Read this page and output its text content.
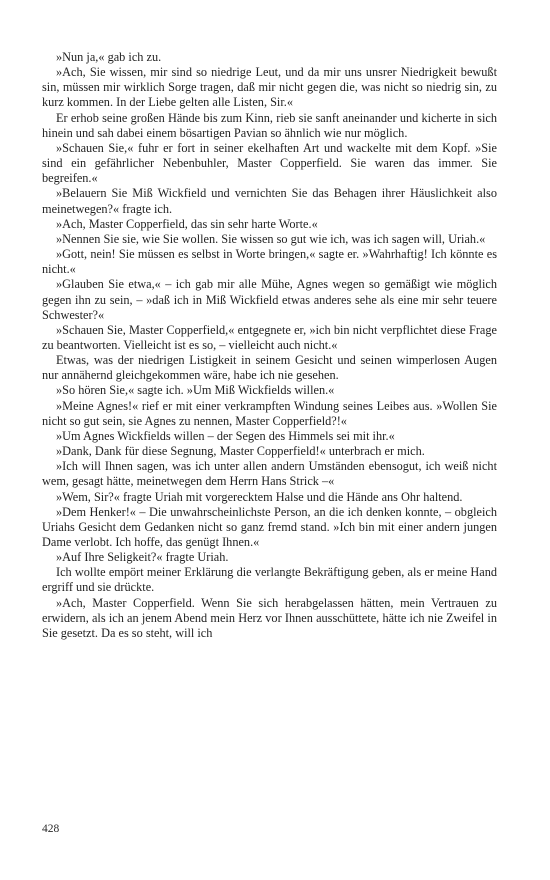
»Nun ja,« gab ich zu.

»Ach, Sie wissen, mir sind so niedrige Leut, und da mir uns unsrer Niedrigkeit bewußt sin, müssen mir wirklich Sorge tragen, daß mir nicht gegen die, was nicht so niedrig sin, zu kurz kommen. In der Liebe gelten alle Listen, Sir.«

Er erhob seine großen Hände bis zum Kinn, rieb sie sanft aneinander und kicherte in sich hinein und sah dabei einem bösartigen Pavian so ähnlich wie nur möglich.

»Schauen Sie,« fuhr er fort in seiner ekelhaften Art und wackelte mit dem Kopf. »Sie sind ein gefährlicher Nebenbuhler, Master Copperfield. Sie waren das immer. Sie begreifen.«

»Belauern Sie Miß Wickfield und vernichten Sie das Behagen ihrer Häuslichkeit also meinetwegen?« fragte ich.

»Ach, Master Copperfield, das sin sehr harte Worte.«

»Nennen Sie sie, wie Sie wollen. Sie wissen so gut wie ich, was ich sagen will, Uriah.«

»Gott, nein! Sie müssen es selbst in Worte bringen,« sagte er. »Wahrhaftig! Ich könnte es nicht.«

»Glauben Sie etwa,« – ich gab mir alle Mühe, Agnes wegen so gemäßigt wie möglich gegen ihn zu sein, – »daß ich in Miß Wickfield etwas anderes sehe als eine mir sehr teuere Schwester?«

»Schauen Sie, Master Copperfield,« entgegnete er, »ich bin nicht verpflichtet diese Frage zu beantworten. Vielleicht ist es so, – vielleicht auch nicht.«

Etwas, was der niedrigen Listigkeit in seinem Gesicht und seinen wimperlosen Augen nur annähernd gleichgekommen wäre, habe ich nie gesehen.

»So hören Sie,« sagte ich. »Um Miß Wickfields willen.«

»Meine Agnes!« rief er mit einer verkrampften Windung seines Leibes aus. »Wollen Sie nicht so gut sein, sie Agnes zu nennen, Master Copperfield?!«

»Um Agnes Wickfields willen – der Segen des Himmels sei mit ihr.«

»Dank, Dank für diese Segnung, Master Copperfield!« unterbrach er mich.

»Ich will Ihnen sagen, was ich unter allen andern Umständen ebensogut, ich weiß nicht wem, gesagt hätte, meinetwegen dem Herrn Hans Strick –«

»Wem, Sir?« fragte Uriah mit vorgerecktem Halse und die Hände ans Ohr haltend.

»Dem Henker!« – Die unwahrscheinlichste Person, an die ich denken konnte, – obgleich Uriahs Gesicht dem Gedanken nicht so ganz fremd stand. »Ich bin mit einer andern jungen Dame verlobt. Ich hoffe, das genügt Ihnen.«

»Auf Ihre Seligkeit?« fragte Uriah.

Ich wollte empört meiner Erklärung die verlangte Bekräftigung geben, als er meine Hand ergriff und sie drückte.

»Ach, Master Copperfield. Wenn Sie sich herabgelassen hätten, mein Vertrauen zu erwidern, als ich an jenem Abend mein Herz vor Ihnen ausschüttete, hätte ich nie Zweifel in Sie gesetzt. Da es so steht, will ich

428
